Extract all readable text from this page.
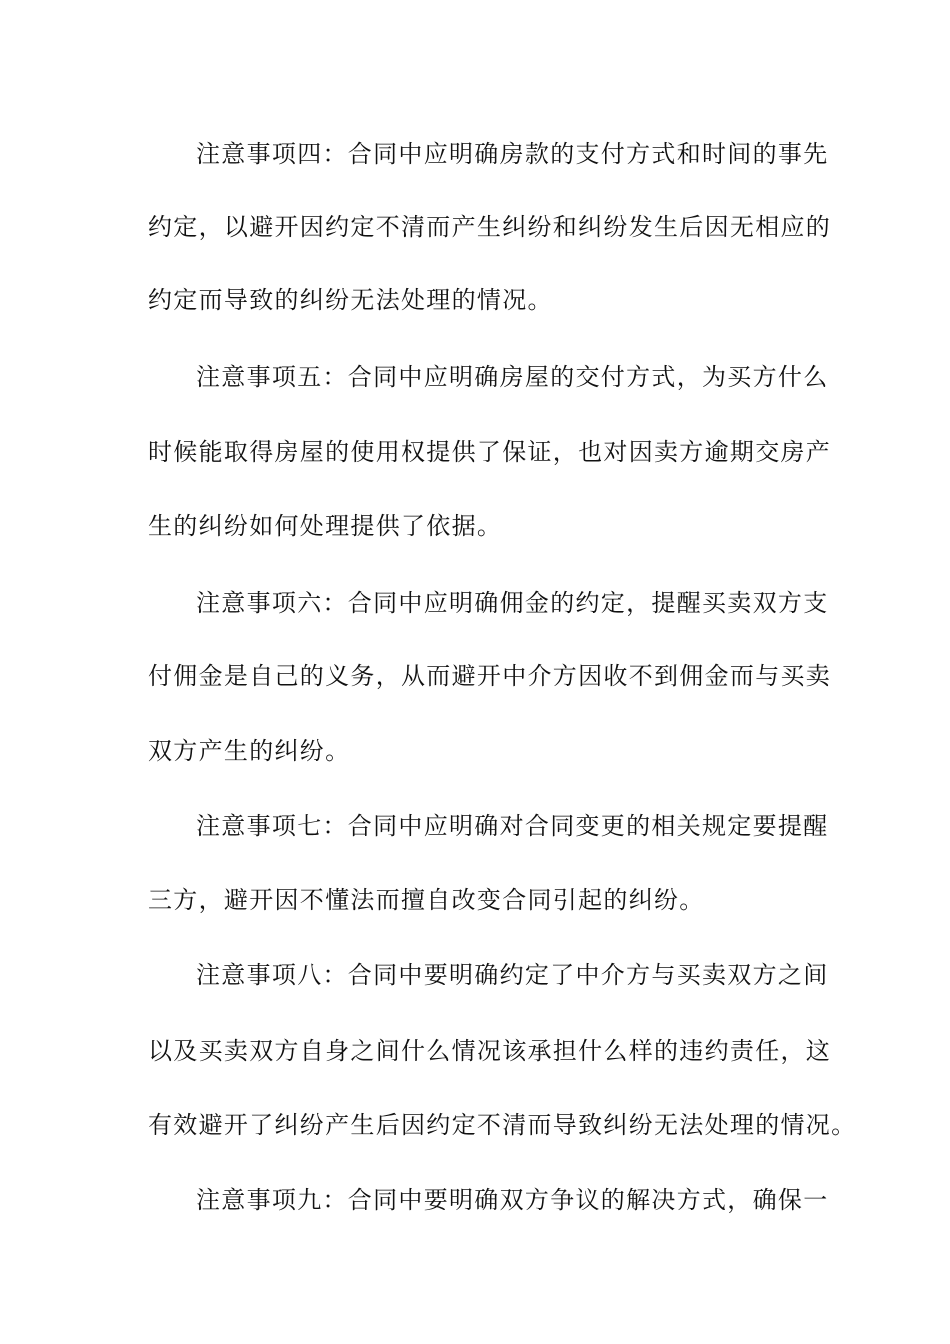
注意事项四：合同中应明确房款的支付方式和时间的事先
约定，以避开因约定不清而产生纠纷和纠纷发生后因无相应的
约定而导致的纠纷无法处理的情况。
注意事项五：合同中应明确房屋的交付方式，为买方什么
时候能取得房屋的使用权提供了保证，也对因卖方逾期交房产
生的纠纷如何处理提供了依据。
注意事项六：合同中应明确佣金的约定，提醒买卖双方支
付佣金是自己的义务，从而避开中介方因收不到佣金而与买卖
双方产生的纠纷。
注意事项七：合同中应明确对合同变更的相关规定要提醒
三方，避开因不懂法而擅自改变合同引起的纠纷。
注意事项八：合同中要明确约定了中介方与买卖双方之间
以及买卖双方自身之间什么情况该承担什么样的违约责任，这
有效避开了纠纷产生后因约定不清而导致纠纷无法处理的情况。
注意事项九：合同中要明确双方争议的解决方式，确保一
